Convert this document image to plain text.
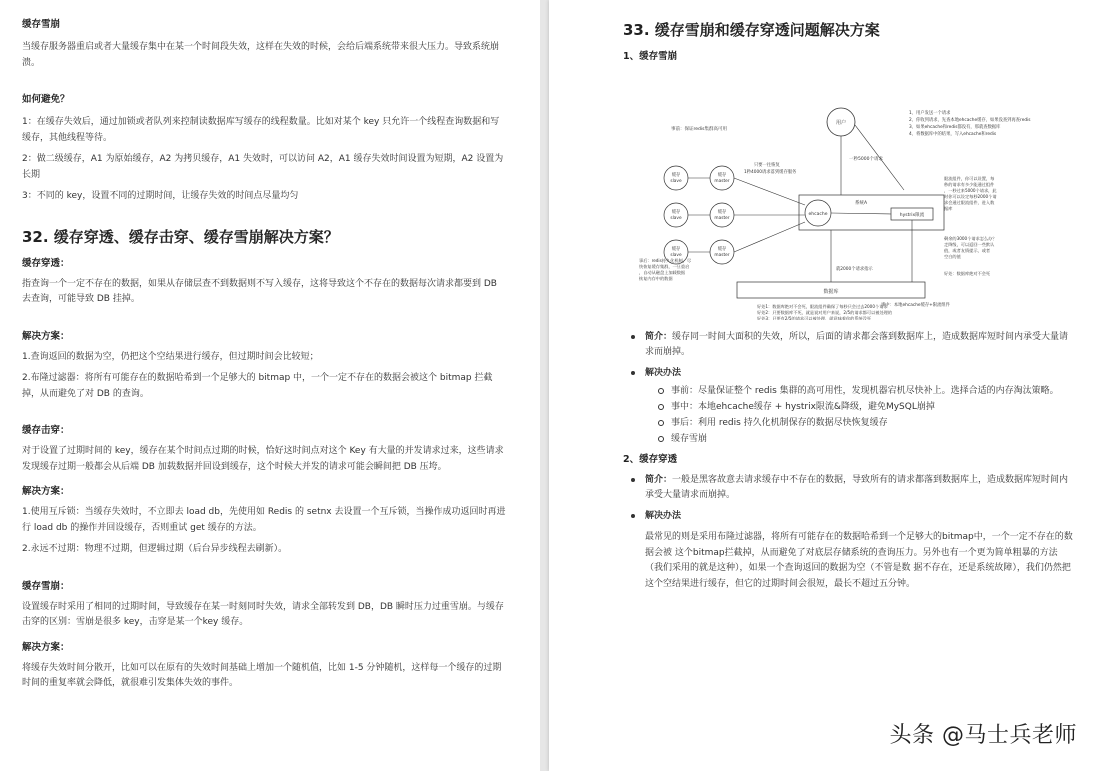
缓存雪崩
当缓存服务器重启或者大量缓存集中在某一个时间段失效，这样在失效的时候，会给后端系统带来很大压力。导致系统崩溃。
如何避免？
1：在缓存失效后，通过加锁或者队列来控制读数据库写缓存的线程数量。比如对某个 key 只允许一个线程查询数据和写缓存，其他线程等待。
2：做二级缓存，A1 为原始缓存，A2 为拷贝缓存，A1 失效时，可以访问 A2，A1 缓存失效时间设置为短期，A2 设置为长期
3：不同的 key，设置不同的过期时间，让缓存失效的时间点尽量均匀
32. 缓存穿透、缓存击穿、缓存雪崩解决方案？
缓存穿透：
指查询一个一定不存在的数据，如果从存储层查不到数据则不写入缓存，这将导致这个不存在的数据每次请求都要到 DB 去查询，可能导致 DB 挂掉。
解决方案：
1.查询返回的数据为空，仍把这个空结果进行缓存，但过期时间会比较短；
2.布隆过滤器：将所有可能存在的数据哈希到一个足够大的 bitmap 中，一个一定不存在的数据会被这个 bitmap 拦截掉，从而避免了对 DB 的查询。
缓存击穿：
对于设置了过期时间的 key，缓存在某个时间点过期的时候，恰好这时间点对这个 Key 有大量的并发请求过来，这些请求发现缓存过期一般都会从后端 DB 加载数据并回设到缓存，这个时候大并发的请求可能会瞬间把 DB 压垮。
解决方案：
1.使用互斥锁：当缓存失效时，不立即去 load db，先使用如 Redis 的 setnx 去设置一个互斥锁，当操作成功返回时再进行 load db 的操作并回设缓存，否则重试 get 缓存的方法。
2.永远不过期：物理不过期，但逻辑过期（后台异步线程去刷新）。
缓存雪崩：
设置缓存时采用了相同的过期时间，导致缓存在某一时刻同时失效，请求全部转发到 DB，DB 瞬时压力过重雪崩。与缓存击穿的区别：雪崩是很多 key，击穿是某一个key 缓存。
解决方案：
将缓存失效时间分散开，比如可以在原有的失效时间基础上增加一个随机值，比如 1-5 分钟随机，这样每一个缓存的过期时间的重复率就会降低，就很难引发集体失效的事件。
33. 缓存雪崩和缓存穿透问题解决方案
1、缓存雪崩
事前：保证redis集群高可用
用户
1、用户发送一个请求
2、你收到请求，先查本地ehcache缓存，如果没查到再查redis
3、如果ehcache和redis都没有，那就查数据库
4、将数据库中的结果，写入ehcache和redis
一秒5000个请求
缓存
slave
缓存
master
缓存
slave
缓存
master
缓存
slave
缓存
master
只要一往恢复
1秒4000请求落到缓存服务
系统A
ehcache	hystrix限流
数据库
就2000个请求指示
限流组件，你可以设置，每 秒的请求有多少能通过组件 ，一秒过来5000个请求，此 时你可以设定每秒2000个请 求会通过限流组件，进入数 据库
剩余的3000个请求怎么办？ 走降级，可以返回一些默认 值，或者友情提示，或者 空白的值
好处：数据库绝对不会死
事后：redis持久化机制，尽 快恢复缓存集群，一旦重启 ，自动从磁盘上加载数据 恢复内存中的数据
事中：本地ehcache缓存+限流组件
好处1：数据库绝对不会死，限流组件确保了每秒只会过去2000个请求
好处2：只要数据库不死，就是说对用户来说，2/5的请求都可以被处理的
好处3：只要有2/5的请求可以被处理，就意味着你的系统没死
简介：缓存同一时间大面积的失效，所以，后面的请求都会落到数据库上，造成数据库短时间内承受大量请求而崩掉。
解决办法
事前：尽量保证整个 redis 集群的高可用性，发现机器宕机尽快补上。选择合适的内存淘汰策略。
事中：本地ehcache缓存 + hystrix限流&降级，避免MySQL崩掉
事后：利用 redis 持久化机制保存的数据尽快恢复缓存
缓存雪崩
2、缓存穿透
简介：一般是黑客故意去请求缓存中不存在的数据，导致所有的请求都落到数据库上，造成数据库短时间内承受大量请求而崩掉。
解决办法
最常见的则是采用布隆过滤器，将所有可能存在的数据哈希到一个足够大的bitmap中，一个一定不存在的数据会被 这个bitmap拦截掉，从而避免了对底层存储系统的查询压力。另外也有一个更为简单粗暴的方法（我们采用的就是这种），如果一个查询返回的数据为空（不管是数 据不存在，还是系统故障），我们仍然把这个空结果进行缓存，但它的过期时间会很短，最长不超过五分钟。
头条 @马士兵老师
